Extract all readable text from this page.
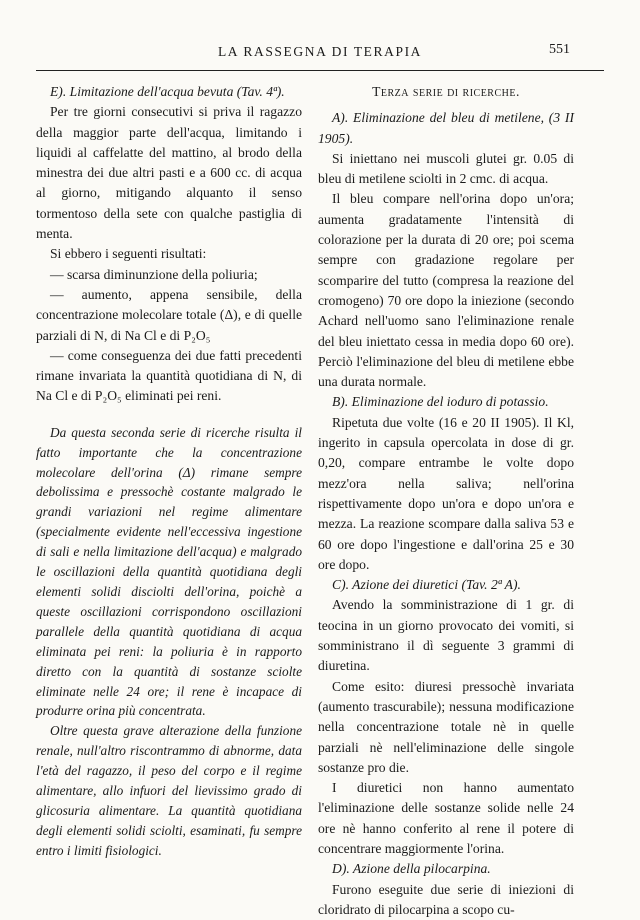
LA RASSEGNA DI TERAPIA	551

E). Limitazione dell'acqua bevuta (Tav. 4ª).

Per tre giorni consecutivi si priva il ragazzo della maggior parte dell'acqua, limitando i liquidi al caffelatte del mattino, al brodo della minestra dei due altri pasti e a 600 cc. di acqua al giorno, mitigando alquanto il senso tormentoso della sete con qualche pastiglia di menta.

Si ebbero i seguenti risultati:

— scarsa diminunzione della poliuria;

— aumento, appena sensibile, della concentrazione molecolare totale (Δ), e di quelle parziali di N, di Na Cl e di P₂O₅

— come conseguenza dei due fatti precedenti rimane invariata la quantità quotidiana di N, di Na Cl e di P₂O₅ eliminati pei reni.

Da questa seconda serie di ricerche risulta il fatto importante che la concentrazione molecolare dell'orina (Δ) rimane sempre debolissima e pressochè costante malgrado le grandi variazioni nel regime alimentare (specialmente evidente nell'eccessiva ingestione di sali e nella limitazione dell'acqua) e malgrado le oscillazioni della quantità quotidiana degli elementi solidi disciolti dell'orina, poichè a queste oscillazioni corrispondono oscillazioni parallele della quantità quotidiana di acqua eliminata pei reni: la poliuria è in rapporto diretto con la quantità di sostanze sciolte eliminate nelle 24 ore; il rene è incapace di produrre orina più concentrata.

Oltre questa grave alterazione della funzione renale, null'altro riscontrammo di abnorme, data l'età del ragazzo, il peso del corpo e il regime alimentare, allo infuori del lievissimo grado di glicosuria alimentare. La quantità quotidiana degli elementi solidi sciolti, esaminati, fu sempre entro i limiti fisiologici.

Terza serie di ricerche.

A). Eliminazione del bleu di metilene, (3 II 1905).

Si iniettano nei muscoli glutei gr. 0.05 di bleu di metilene sciolti in 2 cmc. di acqua.

Il bleu compare nell'orina dopo un'ora; aumenta gradatamente l'intensità di colorazione per la durata di 20 ore; poi scema sempre con gradazione regolare per scomparire del tutto (compresa la reazione del cromogeno) 70 ore dopo la iniezione (secondo Achard nell'uomo sano l'eliminazione renale del bleu iniettato cessa in media dopo 60 ore). Perciò l'eliminazione del bleu di metilene ebbe una durata normale.

B). Eliminazione del ioduro di potassio.

Ripetuta due volte (16 e 20 II 1905). Il Kl, ingerito in capsula opercolata in dose di gr. 0,20, compare entrambe le volte dopo mezz'ora nella saliva; nell'orina rispettivamente dopo un'ora e dopo un'ora e mezza. La reazione scompare dalla saliva 53 e 60 ore dopo l'ingestione e dall'orina 25 e 30 ore dopo.

C). Azione dei diuretici (Tav. 2ª A).

Avendo la somministrazione di 1 gr. di teocina in un giorno provocato dei vomiti, si somministrano il dì seguente 3 grammi di diuretina.

Come esito: diuresi pressochè invariata (aumento trascurabile); nessuna modificazione nella concentrazione totale nè in quelle parziali nè nell'eliminazione delle singole sostanze pro die.

I diuretici non hanno aumentato l'eliminazione delle sostanze solide nelle 24 ore nè hanno conferito al rene il potere di concentrare maggiormente l'orina.

D). Azione della pilocarpina.

Furono eseguite due serie di iniezioni di cloridrato di pilocarpina a scopo cu-
